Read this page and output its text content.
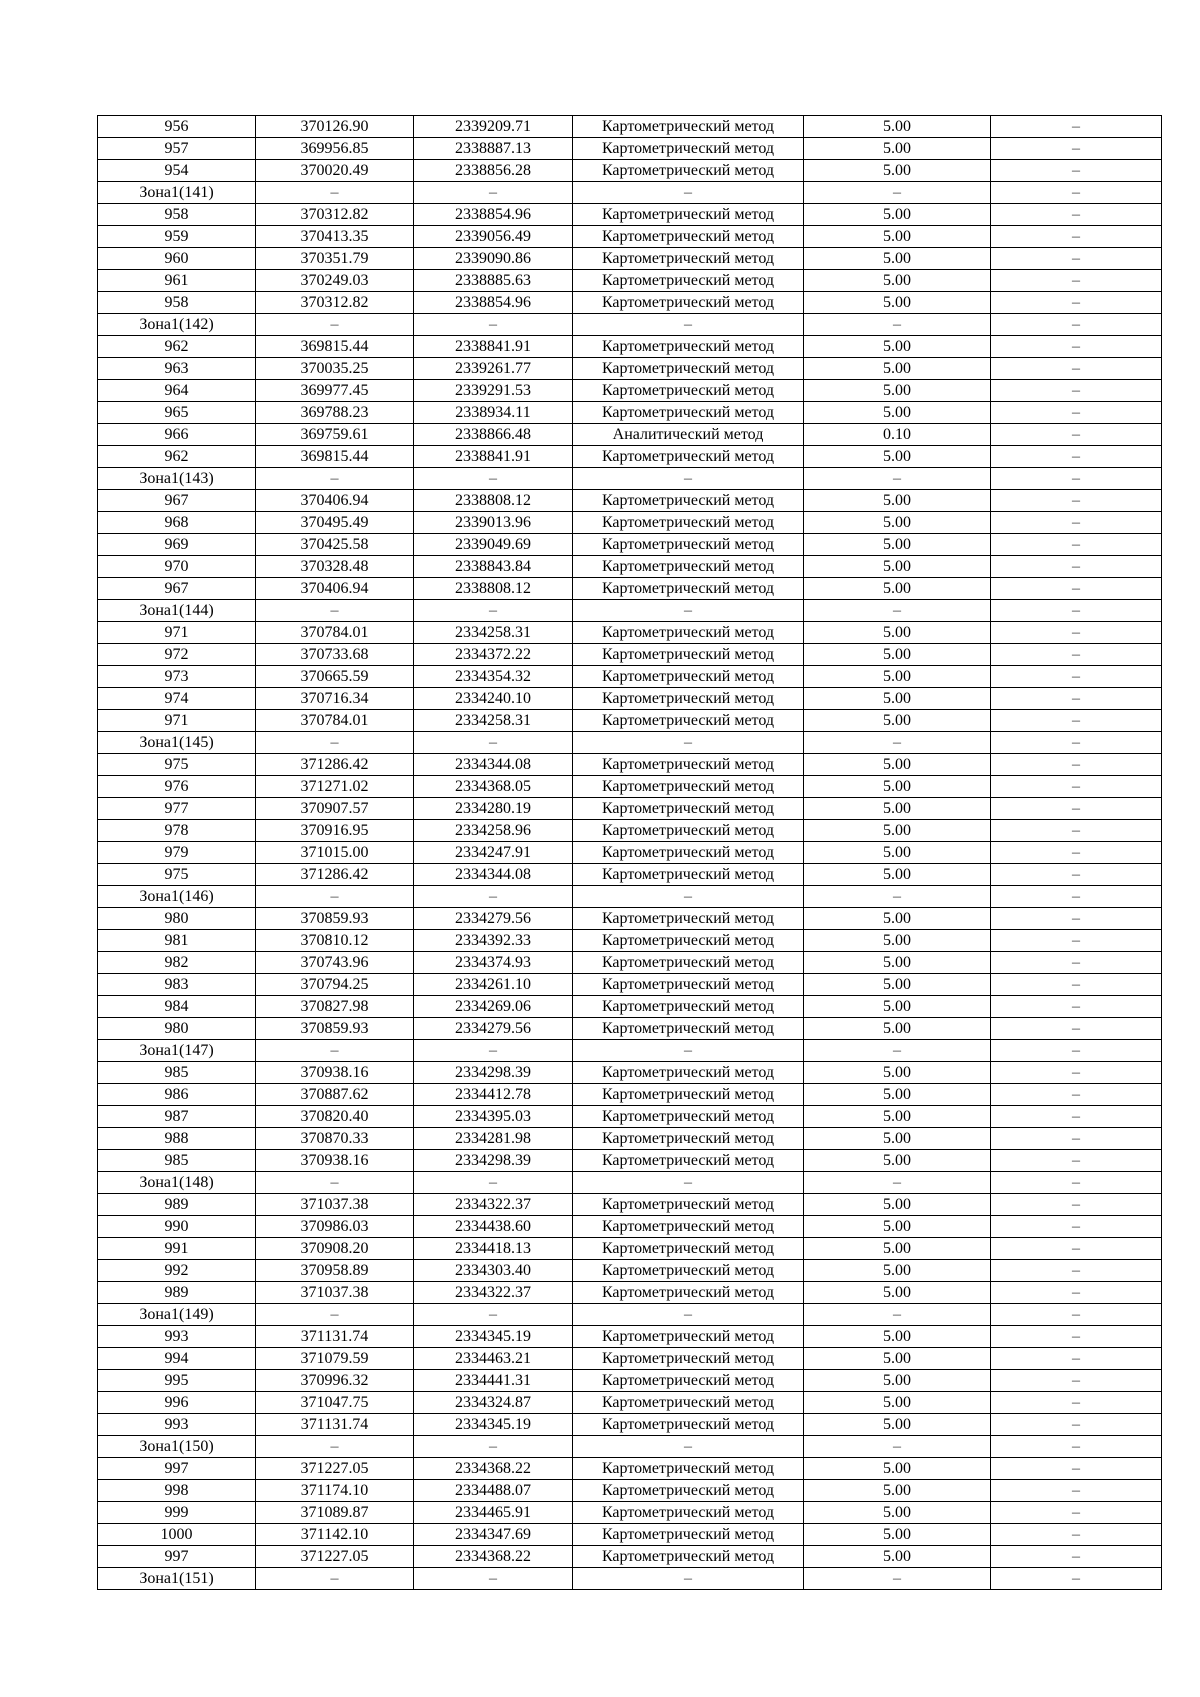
956	370126.90	2339209.71	Картометрический метод	5.00	–
957	369956.85	2338887.13	Картометрический метод	5.00	–
954	370020.49	2338856.28	Картометрический метод	5.00	–
Зона1(141)	–	–	–	–	–
958	370312.82	2338854.96	Картометрический метод	5.00	–
959	370413.35	2339056.49	Картометрический метод	5.00	–
960	370351.79	2339090.86	Картометрический метод	5.00	–
961	370249.03	2338885.63	Картометрический метод	5.00	–
958	370312.82	2338854.96	Картометрический метод	5.00	–
Зона1(142)	–	–	–	–	–
962	369815.44	2338841.91	Картометрический метод	5.00	–
963	370035.25	2339261.77	Картометрический метод	5.00	–
964	369977.45	2339291.53	Картометрический метод	5.00	–
965	369788.23	2338934.11	Картометрический метод	5.00	–
966	369759.61	2338866.48	Аналитический метод	0.10	–
962	369815.44	2338841.91	Картометрический метод	5.00	–
Зона1(143)	–	–	–	–	–
967	370406.94	2338808.12	Картометрический метод	5.00	–
968	370495.49	2339013.96	Картометрический метод	5.00	–
969	370425.58	2339049.69	Картометрический метод	5.00	–
970	370328.48	2338843.84	Картометрический метод	5.00	–
967	370406.94	2338808.12	Картометрический метод	5.00	–
Зона1(144)	–	–	–	–	–
971	370784.01	2334258.31	Картометрический метод	5.00	–
972	370733.68	2334372.22	Картометрический метод	5.00	–
973	370665.59	2334354.32	Картометрический метод	5.00	–
974	370716.34	2334240.10	Картометрический метод	5.00	–
971	370784.01	2334258.31	Картометрический метод	5.00	–
Зона1(145)	–	–	–	–	–
975	371286.42	2334344.08	Картометрический метод	5.00	–
976	371271.02	2334368.05	Картометрический метод	5.00	–
977	370907.57	2334280.19	Картометрический метод	5.00	–
978	370916.95	2334258.96	Картометрический метод	5.00	–
979	371015.00	2334247.91	Картометрический метод	5.00	–
975	371286.42	2334344.08	Картометрический метод	5.00	–
Зона1(146)	–	–	–	–	–
980	370859.93	2334279.56	Картометрический метод	5.00	–
981	370810.12	2334392.33	Картометрический метод	5.00	–
982	370743.96	2334374.93	Картометрический метод	5.00	–
983	370794.25	2334261.10	Картометрический метод	5.00	–
984	370827.98	2334269.06	Картометрический метод	5.00	–
980	370859.93	2334279.56	Картометрический метод	5.00	–
Зона1(147)	–	–	–	–	–
985	370938.16	2334298.39	Картометрический метод	5.00	–
986	370887.62	2334412.78	Картометрический метод	5.00	–
987	370820.40	2334395.03	Картометрический метод	5.00	–
988	370870.33	2334281.98	Картометрический метод	5.00	–
985	370938.16	2334298.39	Картометрический метод	5.00	–
Зона1(148)	–	–	–	–	–
989	371037.38	2334322.37	Картометрический метод	5.00	–
990	370986.03	2334438.60	Картометрический метод	5.00	–
991	370908.20	2334418.13	Картометрический метод	5.00	–
992	370958.89	2334303.40	Картометрический метод	5.00	–
989	371037.38	2334322.37	Картометрический метод	5.00	–
Зона1(149)	–	–	–	–	–
993	371131.74	2334345.19	Картометрический метод	5.00	–
994	371079.59	2334463.21	Картометрический метод	5.00	–
995	370996.32	2334441.31	Картометрический метод	5.00	–
996	371047.75	2334324.87	Картометрический метод	5.00	–
993	371131.74	2334345.19	Картометрический метод	5.00	–
Зона1(150)	–	–	–	–	–
997	371227.05	2334368.22	Картометрический метод	5.00	–
998	371174.10	2334488.07	Картометрический метод	5.00	–
999	371089.87	2334465.91	Картометрический метод	5.00	–
1000	371142.10	2334347.69	Картометрический метод	5.00	–
997	371227.05	2334368.22	Картометрический метод	5.00	–
Зона1(151)	–	–	–	–	–
